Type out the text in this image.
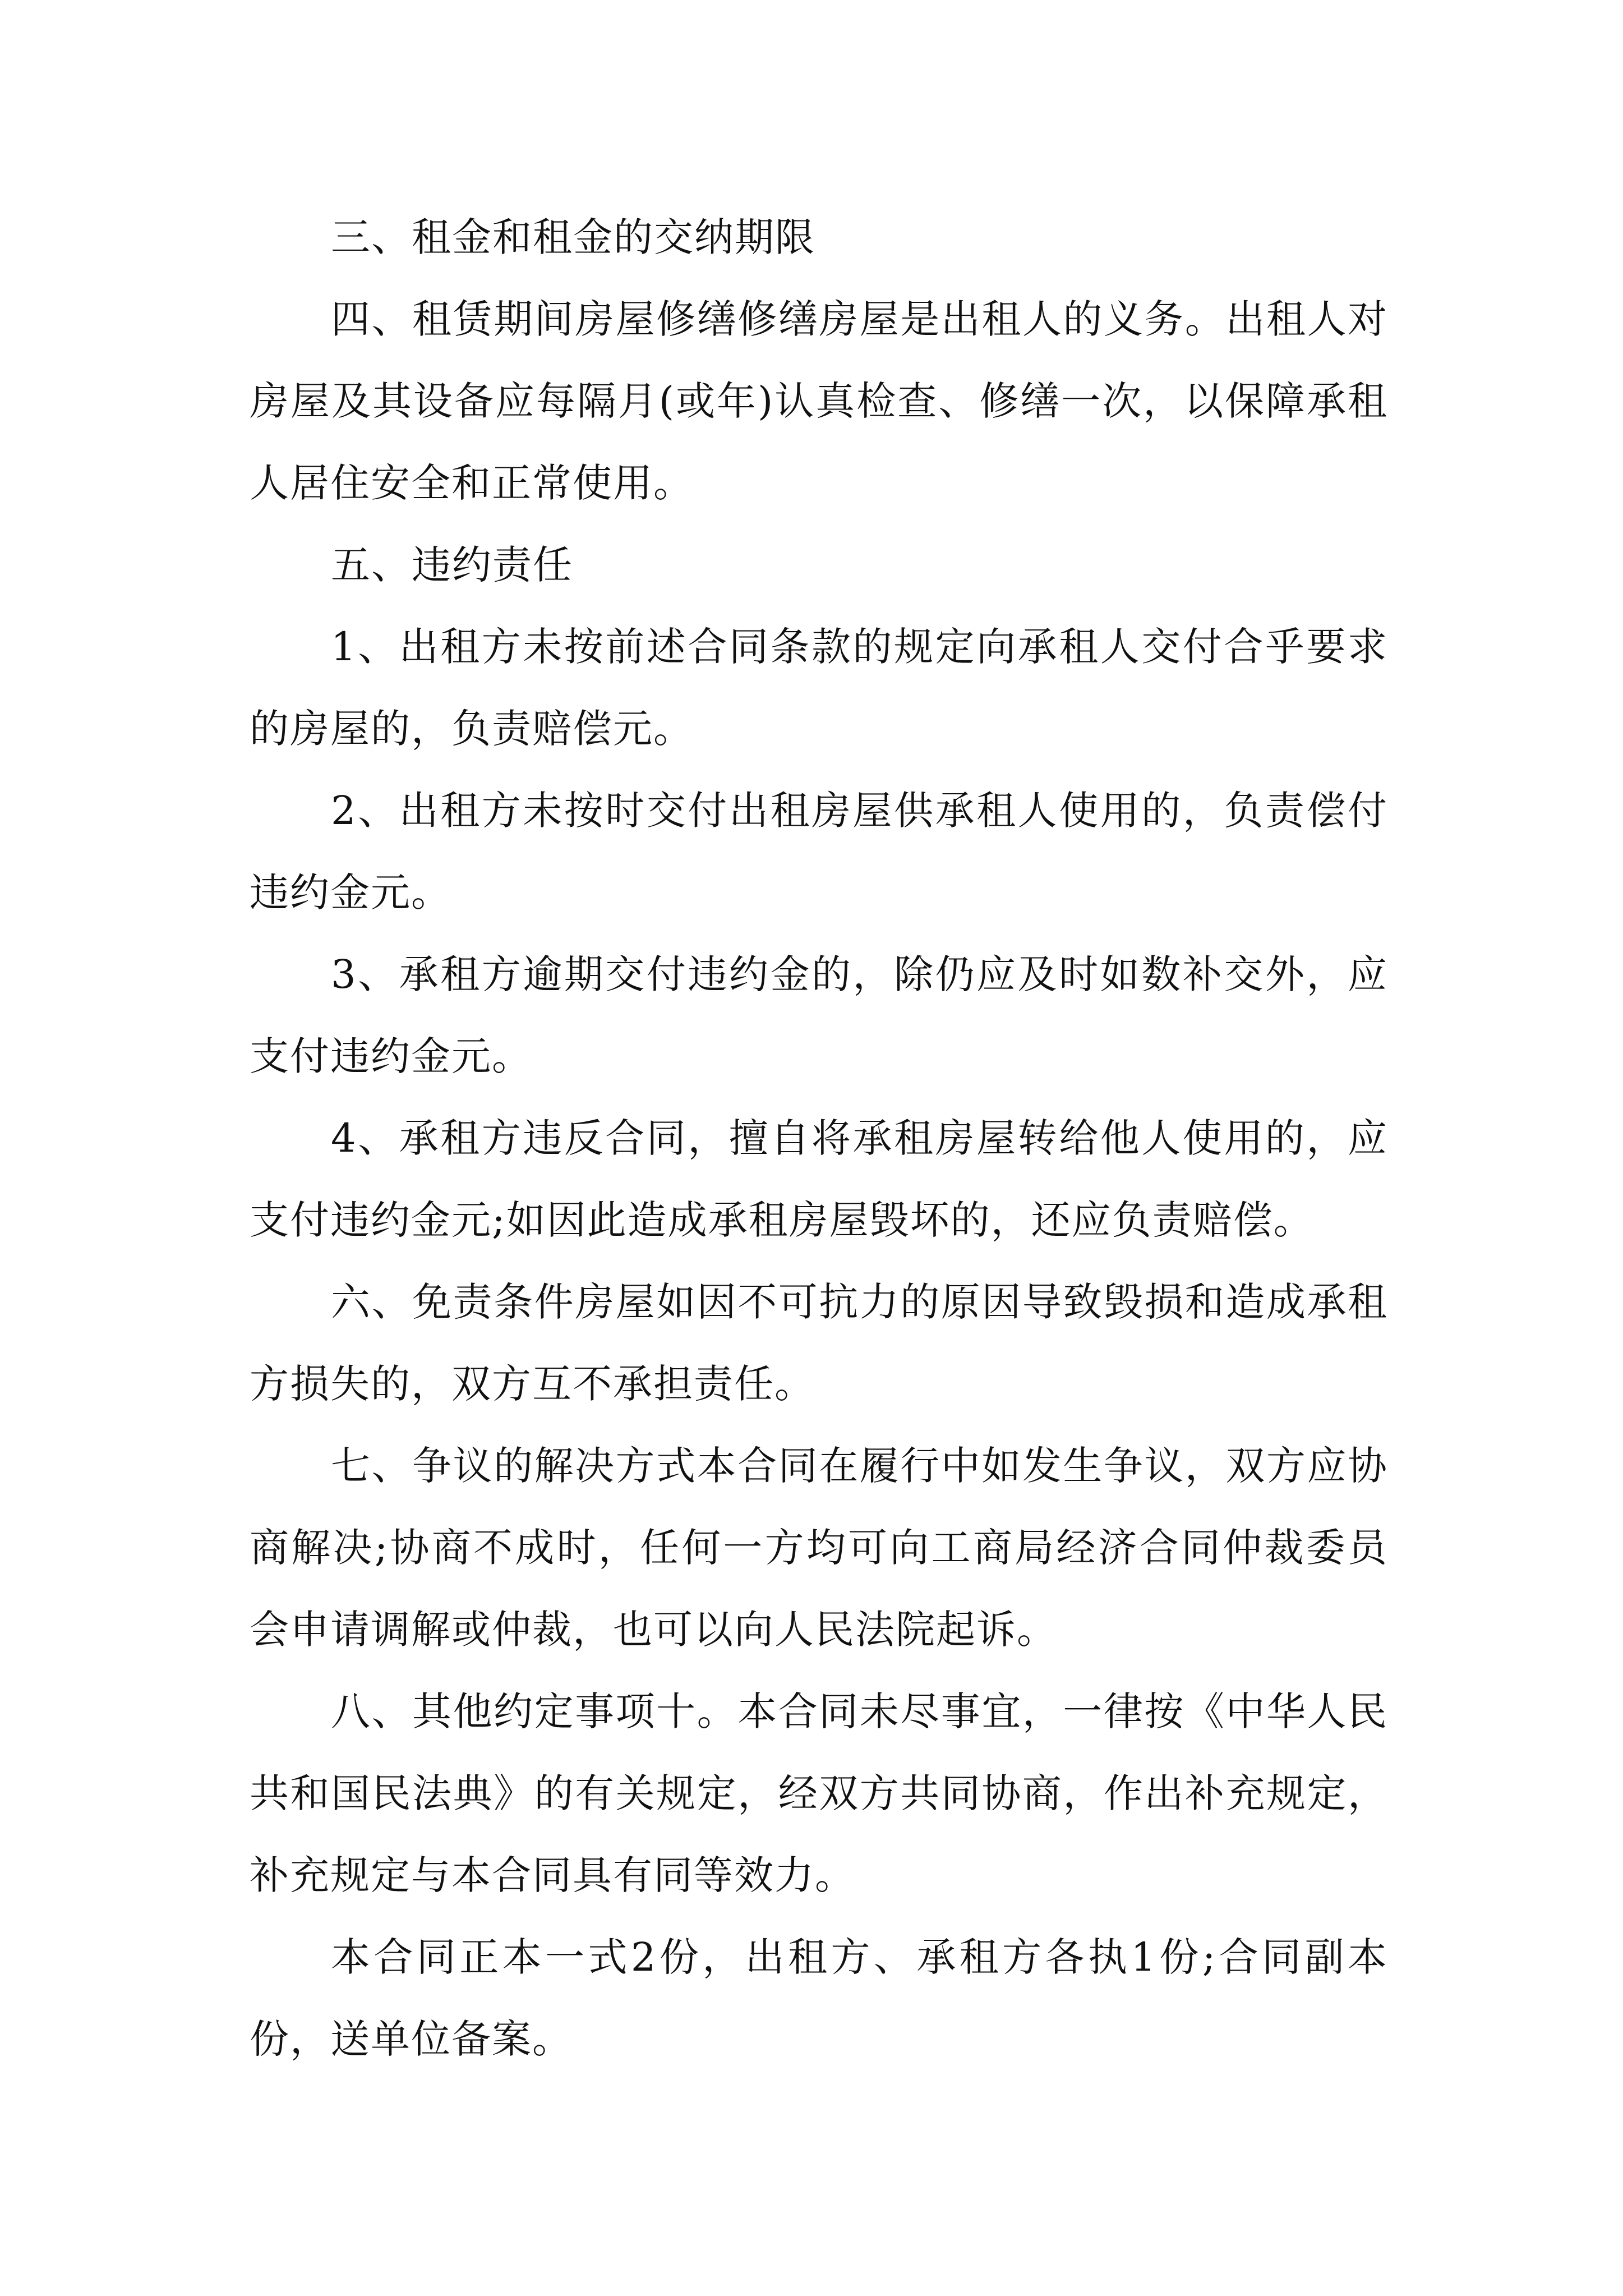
三、租金和租金的交纳期限

四、租赁期间房屋修缮修缮房屋是出租人的义务。出租人对房屋及其设备应每隔月(或年)认真检查、修缮一次，以保障承租人居住安全和正常使用。

五、违约责任

1、出租方未按前述合同条款的规定向承租人交付合乎要求的房屋的，负责赔偿元。

2、出租方未按时交付出租房屋供承租人使用的，负责偿付违约金元。

3、承租方逾期交付违约金的，除仍应及时如数补交外，应支付违约金元。

4、承租方违反合同，擅自将承租房屋转给他人使用的，应支付违约金元;如因此造成承租房屋毁坏的，还应负责赔偿。

六、免责条件房屋如因不可抗力的原因导致毁损和造成承租方损失的，双方互不承担责任。

七、争议的解决方式本合同在履行中如发生争议，双方应协商解决;协商不成时，任何一方均可向工商局经济合同仲裁委员会申请调解或仲裁，也可以向人民法院起诉。

八、其他约定事项十。本合同未尽事宜，一律按《中华人民共和国民法典》的有关规定，经双方共同协商，作出补充规定，补充规定与本合同具有同等效力。

本合同正本一式2份，出租方、承租方各执1份;合同副本份，送单位备案。
